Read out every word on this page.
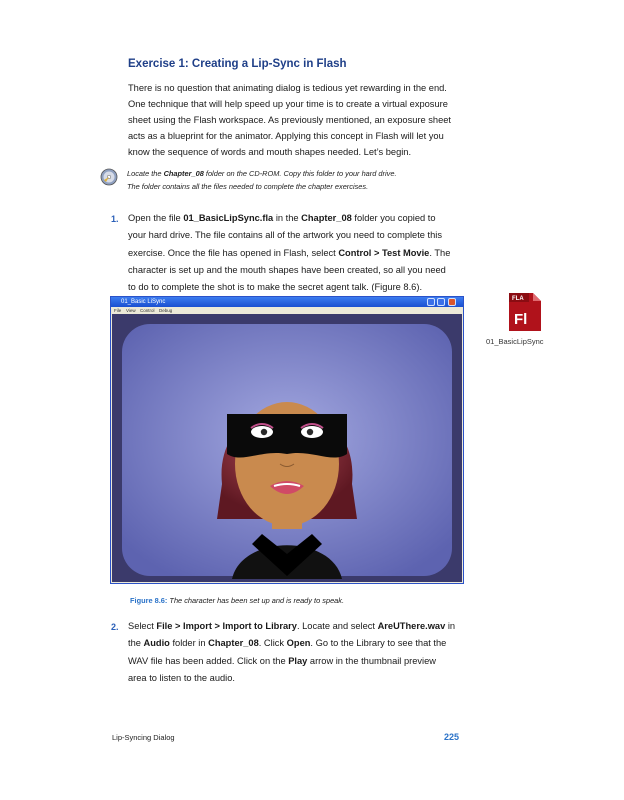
Exercise 1: Creating a Lip-Sync in Flash
There is no question that animating dialog is tedious yet rewarding in the end.
One technique that will help speed up your time is to create a virtual exposure
sheet using the Flash workspace. As previously mentioned, an exposure sheet
acts as a blueprint for the animator. Applying this concept in Flash will let you
know the sequence of words and mouth shapes needed. Let’s begin.
Locate the Chapter_08 folder on the CD-ROM. Copy this folder to your hard drive.
The folder contains all the files needed to complete the chapter exercises.
1. Open the file 01_BasicLipSync.fla in the Chapter_08 folder you copied to
your hard drive. The file contains all of the artwork you need to complete this
exercise. Once the file has opened in Flash, select Control > Test Movie. The
character is set up and the mouth shapes have been created, so all you need
to do to complete the shot is to make the secret agent talk. (Figure 8.6).
01_Basic LiSync
File View Control Debug
FLA
Fl
01_BasicLipSync

Figure 8.6: The character has been set up and is ready to speak.

2. Select File > Import > Import to Library. Locate and select AreUThere.wav in
the Audio folder in Chapter_08. Click Open. Go to the Library to see that the
WAV file has been added. Click on the Play arrow in the thumbnail preview
area to listen to the audio.
Lip-Syncing Dialog	225
